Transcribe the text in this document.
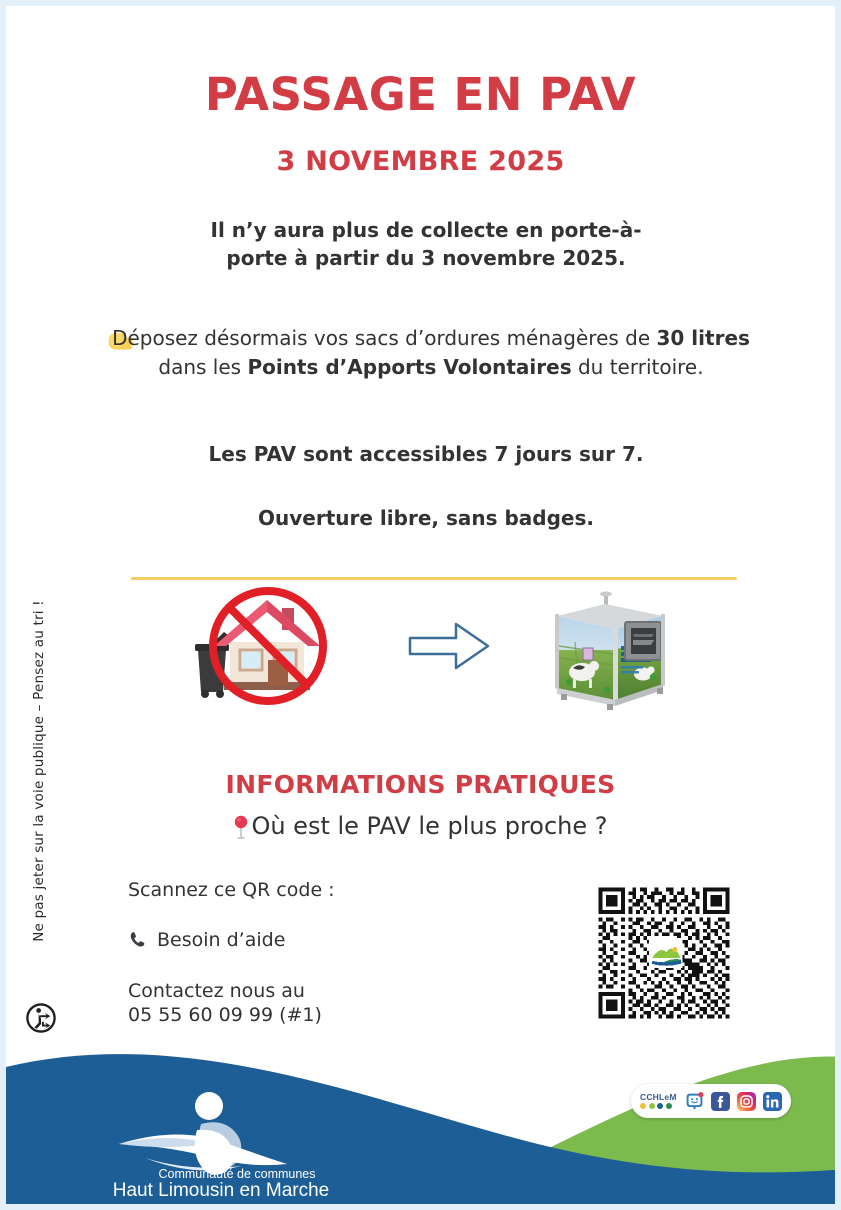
Ne pas jeter sur la voie publique – Pensez au tri !
PASSAGE EN PAV
3 NOVEMBRE 2025
Il n’y aura plus de collecte en porte-à-
porte à partir du 3 novembre 2025.
Déposez désormais vos sacs d’ordures ménagères de 30 litres dans les Points d’Apports Volontaires du territoire.
Les PAV sont accessibles 7 jours sur 7.
Ouverture libre, sans badges.
INFORMATIONS PRATIQUES
Où est le PAV le plus proche ?
Scannez ce QR code :
Besoin d’aide
Contactez nous au
05 55 60 09 99 (#1)
CCHLeM
Communauté de communes
Haut Limousin en Marche
